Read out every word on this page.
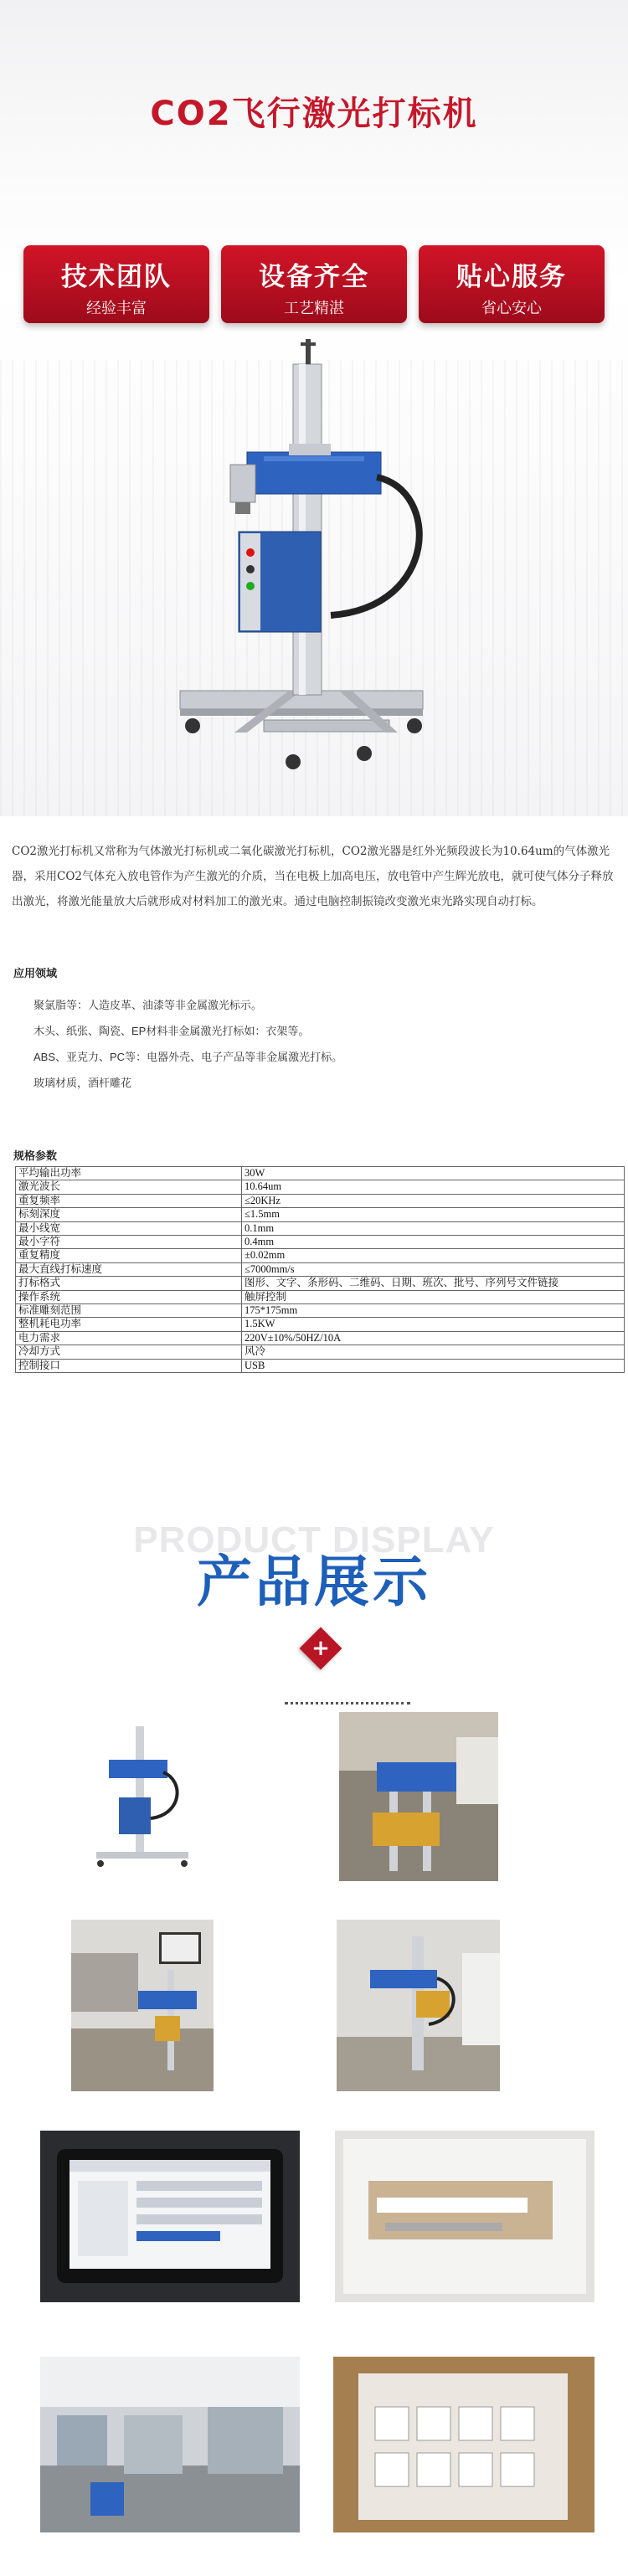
CO2飞行激光打标机
技术团队
经验丰富
设备齐全
工艺精湛
贴心服务
省心安心

CO2激光打标机又常称为气体激光打标机或二氧化碳激光打标机，CO2激光器是红外光频段波长为10.64um的气体激光器，采用CO2气体充入放电管作为产生激光的介质，当在电极上加高电压，放电管中产生辉光放电，就可使气体分子释放出激光，将激光能量放大后就形成对材料加工的激光束。通过电脑控制振镜改变激光束光路实现自动打标。

应用领域
聚氯脂等：人造皮革、油漆等非金属激光标示。
木头、纸张、陶瓷、EP材料非金属激光打标如：衣架等。
ABS、亚克力、PC等：电器外壳、电子产品等非金属激光打标。
玻璃材质，酒杆雕花
规格参数
平均输出功率	30W
激光波长	10.64um
重复频率	≤20KHz
标刻深度	≤1.5mm
最小线宽	0.1mm
最小字符	0.4mm
重复精度	±0.02mm
最大直线打标速度	≤7000mm/s
打标格式	图形、文字、条形码、二维码、日期、班次、批号、序列号文件链接
操作系统	触屏控制
标准雕刻范围	175*175mm
整机耗电功率	1.5KW
电力需求	220V±10%/50HZ/10A
冷却方式	风冷
控制接口	USB
PRODUCT DISPLAY
产品展示
+
